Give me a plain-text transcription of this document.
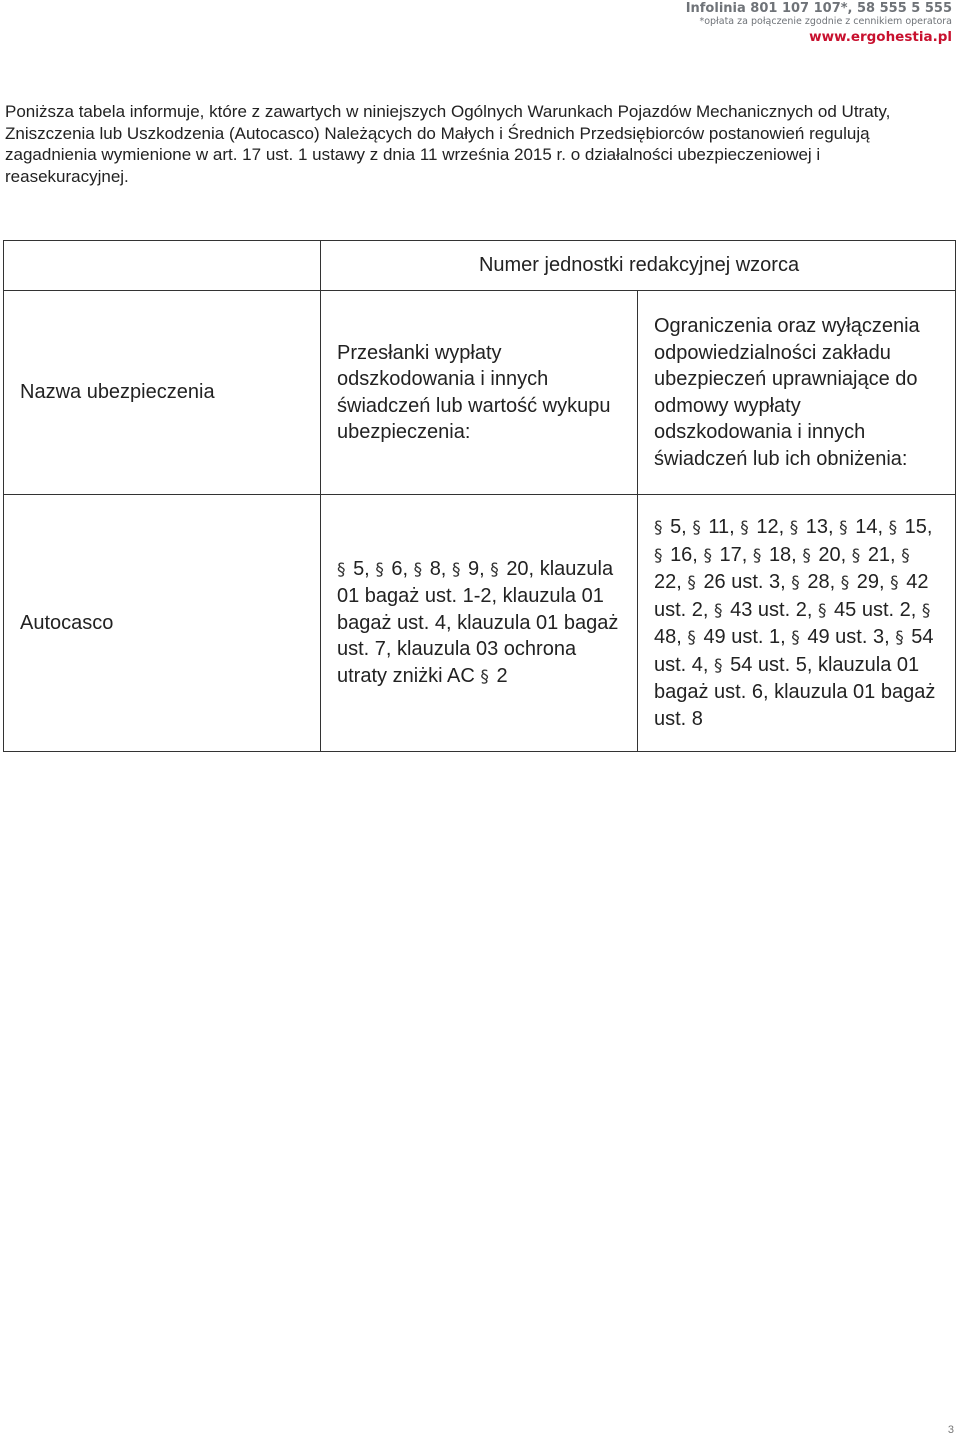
Infolinia 801 107 107*, 58 555 5 555
*opłata za połączenie zgodnie z cennikiem operatora
www.ergohestia.pl

Poniższa tabela informuje, które z zawartych w niniejszych Ogólnych Warunkach Pojazdów Mechanicznych od Utraty, Zniszczenia lub Uszkodzenia (Autocasco) Należących do Małych i Średnich Przedsiębiorców postanowień regulują zagadnienia wymienione w art. 17 ust. 1 ustawy z dnia 11 września 2015 r. o działalności ubezpieczeniowej i reasekuracyjnej.

	Numer jednostki redakcyjnej wzorca	
Nazwa ubezpieczenia	Przesłanki wypłaty odszkodowania i innych świadczeń lub wartość wykupu ubezpieczenia:	Ograniczenia oraz wyłączenia odpowiedzialności zakładu ubezpieczeń uprawniające do odmowy wypłaty odszkodowania i innych świadczeń lub ich obniżenia:
Autocasco	§ 5, § 6, § 8, § 9, § 20, klauzula 01 bagaż ust. 1-2, klauzula 01 bagaż ust. 4, klauzula 01 bagaż ust. 7, klauzula 03 ochrona utraty zniżki AC § 2	§ 5, § 11, § 12, § 13, § 14, § 15, § 16, § 17, § 18, § 20, § 21, § 22, § 26 ust. 3, § 28, § 29, § 42 ust. 2, § 43 ust. 2, § 45 ust. 2, § 48, § 49 ust. 1, § 49 ust. 3, § 54 ust. 4, § 54 ust. 5, klauzula 01 bagaż ust. 6, klauzula 01 bagaż ust. 8
3
